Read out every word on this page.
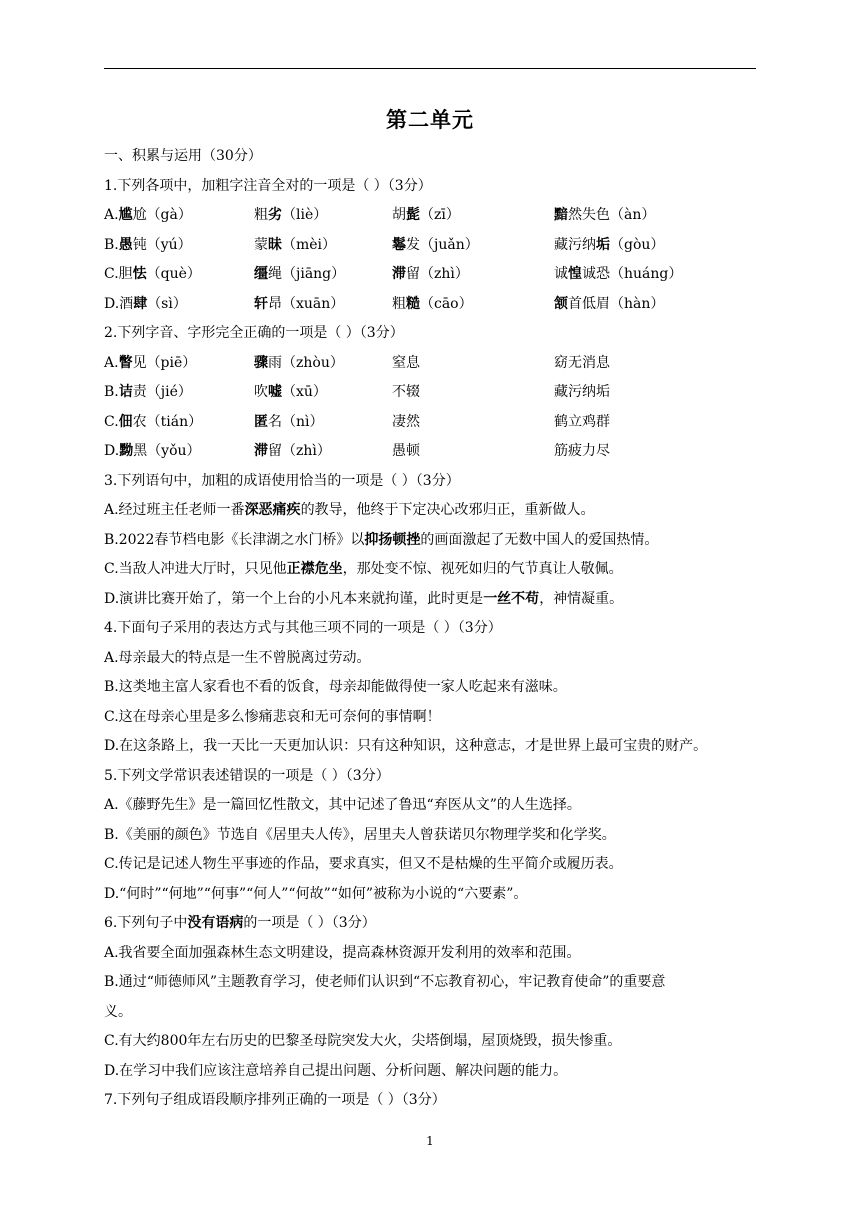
第二单元
一、积累与运用（30分）
1.下列各项中，加粗字注音全对的一项是（ ）（3分）
A.尴尬（gà）	粗劣（liè）	胡髭（zī）	黯然失色（àn）
B.愚钝（yú）	蒙昧（mèi）	鬈发（juǎn）	藏污纳垢（gòu）
C.胆怯（què）	缰绳（jiāng）	滞留（zhì）	诚惶诚恐（huáng）
D.酒肆（sì）	轩昂（xuān）	粗糙（cāo）	颔首低眉（hàn）
2.下列字音、字形完全正确的一项是（ ）（3分）
A.瞥见（piē）	骤雨（zhòu）	窒息	窈无消息
B.诘责（jié）	吹嘘（xū）	不辍	藏污纳垢
C.佃农（tián）	匿名（nì）	凄然	鹤立鸡群
D.黝黑（yǒu）	滞留（zhì）	愚顿	筋疲力尽
3.下列语句中，加粗的成语使用恰当的一项是（ ）（3分）
A.经过班主任老师一番深恶痛疾的教导，他终于下定决心改邪归正，重新做人。
B.2022春节档电影《长津湖之水门桥》以抑扬顿挫的画面激起了无数中国人的爱国热情。
C.当敌人冲进大厅时，只见他正襟危坐，那处变不惊、视死如归的气节真让人敬佩。
D.演讲比赛开始了，第一个上台的小凡本来就拘谨，此时更是一丝不苟，神情凝重。
4.下面句子采用的表达方式与其他三项不同的一项是（ ）（3分）
A.母亲最大的特点是一生不曾脱离过劳动。
B.这类地主富人家看也不看的饭食，母亲却能做得使一家人吃起来有滋味。
C.这在母亲心里是多么惨痛悲哀和无可奈何的事情啊！
D.在这条路上，我一天比一天更加认识：只有这种知识，这种意志，才是世界上最可宝贵的财产。
5.下列文学常识表述错误的一项是（ ）（3分）
A.《藤野先生》是一篇回忆性散文，其中记述了鲁迅“弃医从文”的人生选择。
B.《美丽的颜色》节选自《居里夫人传》，居里夫人曾获诺贝尔物理学奖和化学奖。
C.传记是记述人物生平事迹的作品，要求真实，但又不是枯燥的生平简介或履历表。
D.“何时”“何地”“何事”“何人”“何故”“如何”被称为小说的“六要素”。
6.下列句子中没有语病的一项是（ ）（3分）
A.我省要全面加强森林生态文明建设，提高森林资源开发利用的效率和范围。
B.通过“师德师风”主题教育学习，使老师们认识到“不忘教育初心，牢记教育使命”的重要意
义。
C.有大约800年左右历史的巴黎圣母院突发大火，尖塔倒塌，屋顶烧毁，损失惨重。
D.在学习中我们应该注意培养自己提出问题、分析问题、解决问题的能力。
7.下列句子组成语段顺序排列正确的一项是（ ）（3分）
1
